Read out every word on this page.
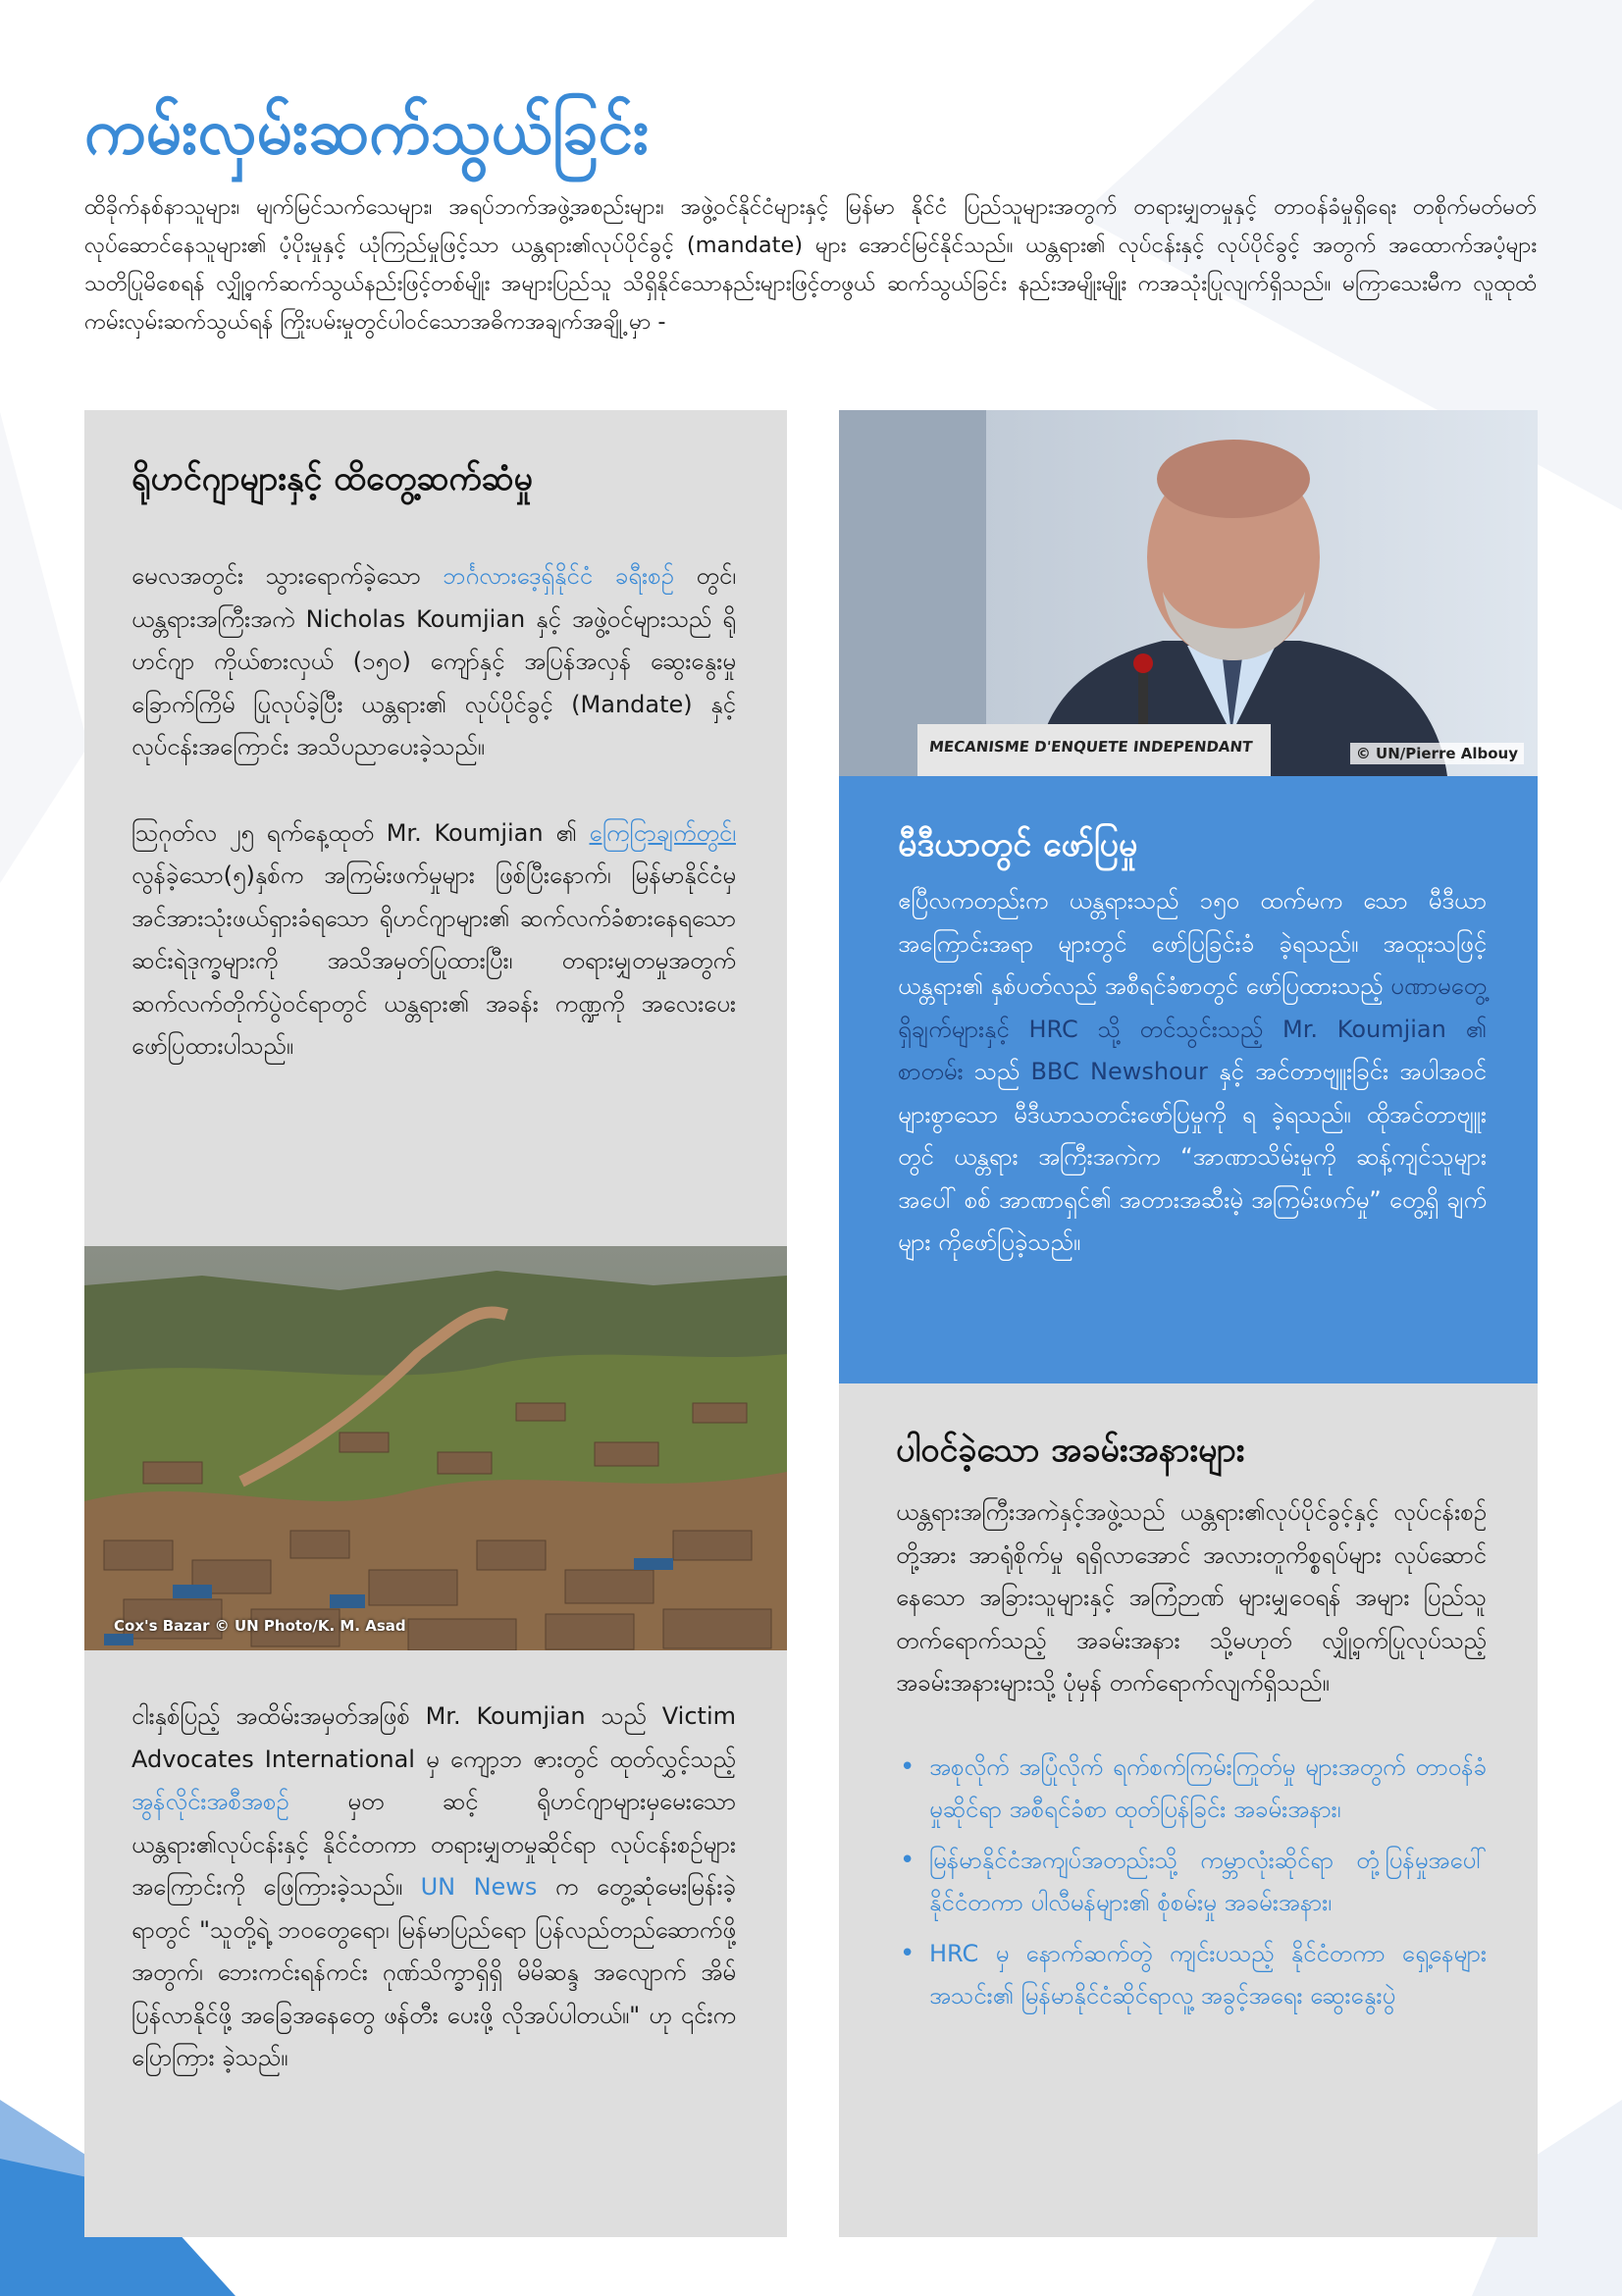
ကမ်းလှမ်းဆက်သွယ်ခြင်း

ထိခိုက်နစ်နာသူများ၊ မျက်မြင်သက်သေများ၊ အရပ်ဘက်အဖွဲ့အစည်းများ၊ အဖွဲ့ဝင်နိုင်ငံများနှင့် မြန်မာ နိုင်ငံ ပြည်သူများအတွက် တရားမျှတမှုနှင့် တာဝန်ခံမှုရှိရေး တစိုက်မတ်မတ်လုပ်ဆောင်နေသူများ၏ ပံ့ပိုးမှုနှင့် ယုံကြည်မှုဖြင့်သာ ယန္တရား၏လုပ်ပိုင်ခွင့် (mandate) များ အောင်မြင်နိုင်သည်။ ယန္တရား၏ လုပ်ငန်းနှင့် လုပ်ပိုင်ခွင့် အတွက် အထောက်အပံ့များ သတိပြုမိစေရန် လျှို့ဝှက်ဆက်သွယ်နည်းဖြင့်တစ်မျိုး အများပြည်သူ သိရှိနိုင်သောနည်းများဖြင့်တဖွယ် ဆက်သွယ်ခြင်း နည်းအမျိုးမျိုး ကအသုံးပြုလျက်ရှိသည်။ မကြာသေးမီက လူထုထံကမ်းလှမ်းဆက်သွယ်ရန် ကြိုးပမ်းမှုတွင်ပါဝင်သောအဓိကအချက်အချို့ မှာ -

ရိုဟင်ဂျာများနှင့် ထိတွေ့ဆက်ဆံမှု

မေလအတွင်း သွားရောက်ခဲ့သော ဘင်္ဂလားဒေ့ရှ်နိုင်ငံ ခရီးစဉ် တွင်၊ ယန္တရားအကြီးအကဲ Nicholas Koumjian နှင့် အဖွဲ့ဝင်များသည် ရိုဟင်ဂျာ ကိုယ်စားလှယ် (၁၅၀) ကျော်နှင့် အပြန်အလှန် ဆွေးနွေးမှု ခြောက်ကြိမ် ပြုလုပ်ခဲ့ပြီး ယန္တရား၏ လုပ်ပိုင်ခွင့် (Mandate) နှင့် လုပ်ငန်းအကြောင်း အသိပညာပေးခဲ့သည်။

ဩဂုတ်လ ၂၅ ရက်နေ့ထုတ် Mr. Koumjian ၏ ကြေငြာချက်တွင်၊ လွန်ခဲ့သော(၅)နှစ်က အကြမ်းဖက်မှုများ ဖြစ်ပြီးနောက်၊ မြန်မာနိုင်ငံမှ အင်အားသုံးဖယ်ရှားခံရသော ရိုဟင်ဂျာများ၏ ဆက်လက်ခံစားနေရသော ဆင်းရဲဒုက္ခများကို အသိအမှတ်ပြုထားပြီး၊ တရားမျှတမှုအတွက် ဆက်လက်တိုက်ပွဲဝင်ရာတွင် ယန္တရား၏ အခန်း ကဏ္ဍကို အလေးပေးဖော်ပြထားပါသည်။

Cox's Bazar © UN Photo/K. M. Asad

ငါးနှစ်ပြည့် အထိမ်းအမှတ်အဖြစ် Mr. Koumjian သည် Victim Advocates International မှ ကျော့ဘ ဇားတွင် ထုတ်လွှင့်သည့် အွန်လိုင်းအစီအစဉ် မှတ ဆင့် ရိုဟင်ဂျာများမှမေးသော ယန္တရား၏လုပ်ငန်းနှင့် နိုင်ငံတကာ တရားမျှတမှုဆိုင်ရာ လုပ်ငန်းစဉ်များ အကြောင်းကို ဖြေကြားခဲ့သည်။ UN News က တွေ့ဆုံမေးမြန်းခဲ့ရာတွင် "သူတို့ရဲ့ ဘဝတွေရော၊ မြန်မာပြည်ရော ပြန်လည်တည်ဆောက်ဖို့အတွက်၊ ဘေးကင်းရန်ကင်း ဂုဏ်သိက္ခာရှိရှိ မိမိဆန္ဒ အလျောက် အိမ်ပြန်လာနိုင်ဖို့ အခြေအနေတွေ ဖန်တီး ပေးဖို့ လိုအပ်ပါတယ်။" ဟု ၎င်းက ပြောကြား ခဲ့သည်။

MECANISME D'ENQUETE INDEPENDANT	© UN/Pierre Albouy
မီဒီယာတွင် ဖော်ပြမှု

ဧပြီလကတည်းက ယန္တရားသည် ၁၅၀ ထက်မက သော မီဒီယာအကြောင်းအရာ များတွင် ဖော်ပြခြင်းခံ ခဲ့ရသည်။ အထူးသဖြင့် ယန္တရား၏ နှစ်ပတ်လည် အစီရင်ခံစာတွင် ဖော်ပြထားသည့် ပဏာမတွေ့ရှိချက်များနှင့် HRC သို့ တင်သွင်းသည့် Mr. Koumjian ၏ စာတမ်း သည် BBC Newshour နှင့် အင်တာဗျူးခြင်း အပါအဝင်များစွာသော မီဒီယာသတင်းဖော်ပြမှုကို ရ ခဲ့ရသည်။ ထိုအင်တာဗျူးတွင် ယန္တရား အကြီးအကဲက “အာဏာသိမ်းမှုကို ဆန့်ကျင်သူများအပေါ် စစ် အာဏာရှင်၏ အတားအဆီးမဲ့ အကြမ်းဖက်မှု” တွေ့ရှိ ချက်များ ကိုဖော်ပြခဲ့သည်။

ပါဝင်ခဲ့သော အခမ်းအနားများ

ယန္တရားအကြီးအကဲနှင့်အဖွဲ့သည် ယန္တရား၏လုပ်ပိုင်ခွင့်နှင့် လုပ်ငန်းစဉ်တို့အား အာရုံစိုက်မှု ရရှိလာအောင် အလားတူကိစ္စရပ်များ လုပ်ဆောင်နေသော အခြားသူများနှင့် အကြံဉာဏ် များမျှဝေရန် အများ ပြည်သူ တက်ရောက်သည့် အခမ်းအနား သို့မဟုတ် လျှို့ဝှက်ပြုလုပ်သည့် အခမ်းအနားများသို့ ပုံမှန် တက်ရောက်လျက်ရှိသည်။

• အစုလိုက် အပြုံလိုက် ရက်စက်ကြမ်းကြုတ်မှု များအတွက် တာဝန်ခံမှုဆိုင်ရာ အစီရင်ခံစာ ထုတ်ပြန်ခြင်း အခမ်းအနား၊
• မြန်မာနိုင်ငံအကျပ်အတည်းသို့ ကမ္ဘာလုံးဆိုင်ရာ တုံ့ပြန်မှုအပေါ် နိုင်ငံတကာ ပါလီမန်များ၏ စုံစမ်းမှု အခမ်းအနား၊
• HRC မှ နောက်ဆက်တွဲ ကျင်းပသည့် နိုင်ငံတကာ ရှေ့နေများ အသင်း၏ မြန်မာနိုင်ငံဆိုင်ရာလူ့ အခွင့်အရေး ဆွေးနွေးပွဲ
